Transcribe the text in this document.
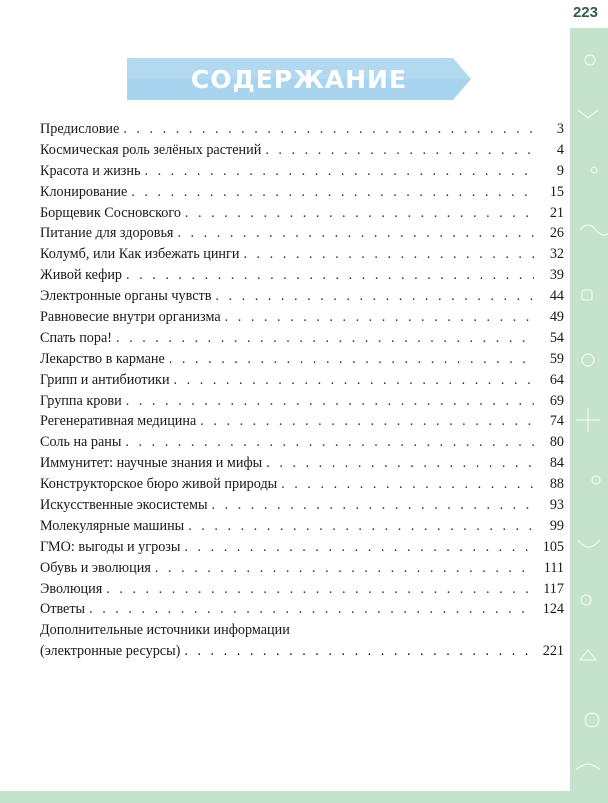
223
СОДЕРЖАНИЕ
Предисловие . . .	3
Космическая роль зелёных растений . . .	4
Красота и жизнь . . .	9
Клонирование . . .	15
Борщевик Сосновского . . .	21
Питание для здоровья . . .	26
Колумб, или Как избежать цинги . . .	32
Живой кефир . . .	39
Электронные органы чувств . . .	44
Равновесие внутри организма . . .	49
Спать пора! . . .	54
Лекарство в кармане . . .	59
Грипп и антибиотики . . .	64
Группа крови . . .	69
Регенеративная медицина . . .	74
Соль на раны . . .	80
Иммунитет: научные знания и мифы . . .	84
Конструкторское бюро живой природы . . .	88
Искусственные экосистемы . . .	93
Молекулярные машины . . .	99
ГМО: выгоды и угрозы . . .	105
Обувь и эволюция . . .	111
Эволюция . . .	117
Ответы . . .	124
Дополнительные источники информации
(электронные ресурсы) . . .	221
